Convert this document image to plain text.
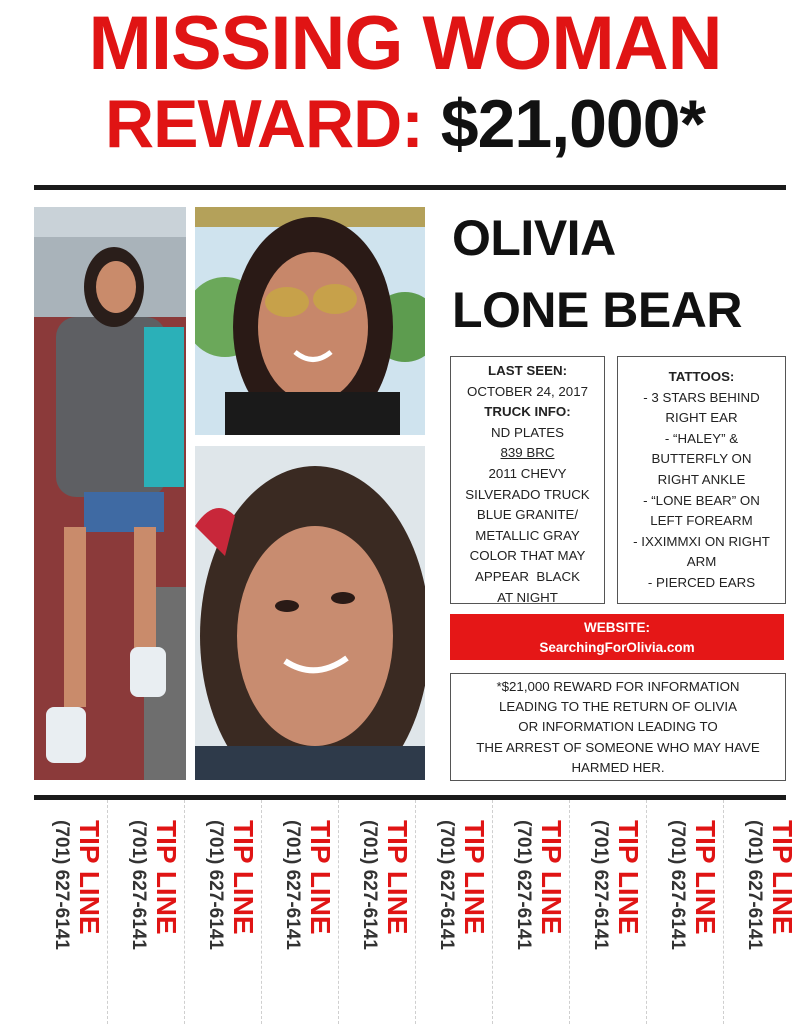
MISSING WOMAN
REWARD: $21,000*
OLIVIA
LONE BEAR
LAST SEEN:
OCTOBER 24, 2017
TRUCK INFO:
ND PLATES
839 BRC
2011 CHEVY
SILVERADO TRUCK
BLUE GRANITE/
METALLIC GRAY
COLOR THAT MAY
APPEAR  BLACK
AT NIGHT
TATTOOS:
- 3 STARS BEHIND
RIGHT EAR
- “HALEY” &
BUTTERFLY ON
RIGHT ANKLE
- “LONE BEAR” ON
LEFT FOREARM
- IXXIMMXI ON RIGHT
ARM
- PIERCED EARS
WEBSITE:
SearchingForOlivia.com
*$21,000 REWARD FOR INFORMATION
LEADING TO THE RETURN OF OLIVIA
OR INFORMATION LEADING TO
THE ARREST OF SOMEONE WHO MAY HAVE
HARMED HER.
TIP LINE
(701) 627-6141	TIP LINE
(701) 627-6141	TIP LINE
(701) 627-6141	TIP LINE
(701) 627-6141	TIP LINE
(701) 627-6141	TIP LINE
(701) 627-6141	TIP LINE
(701) 627-6141	TIP LINE
(701) 627-6141	TIP LINE
(701) 627-6141	TIP LINE
(701) 627-6141
